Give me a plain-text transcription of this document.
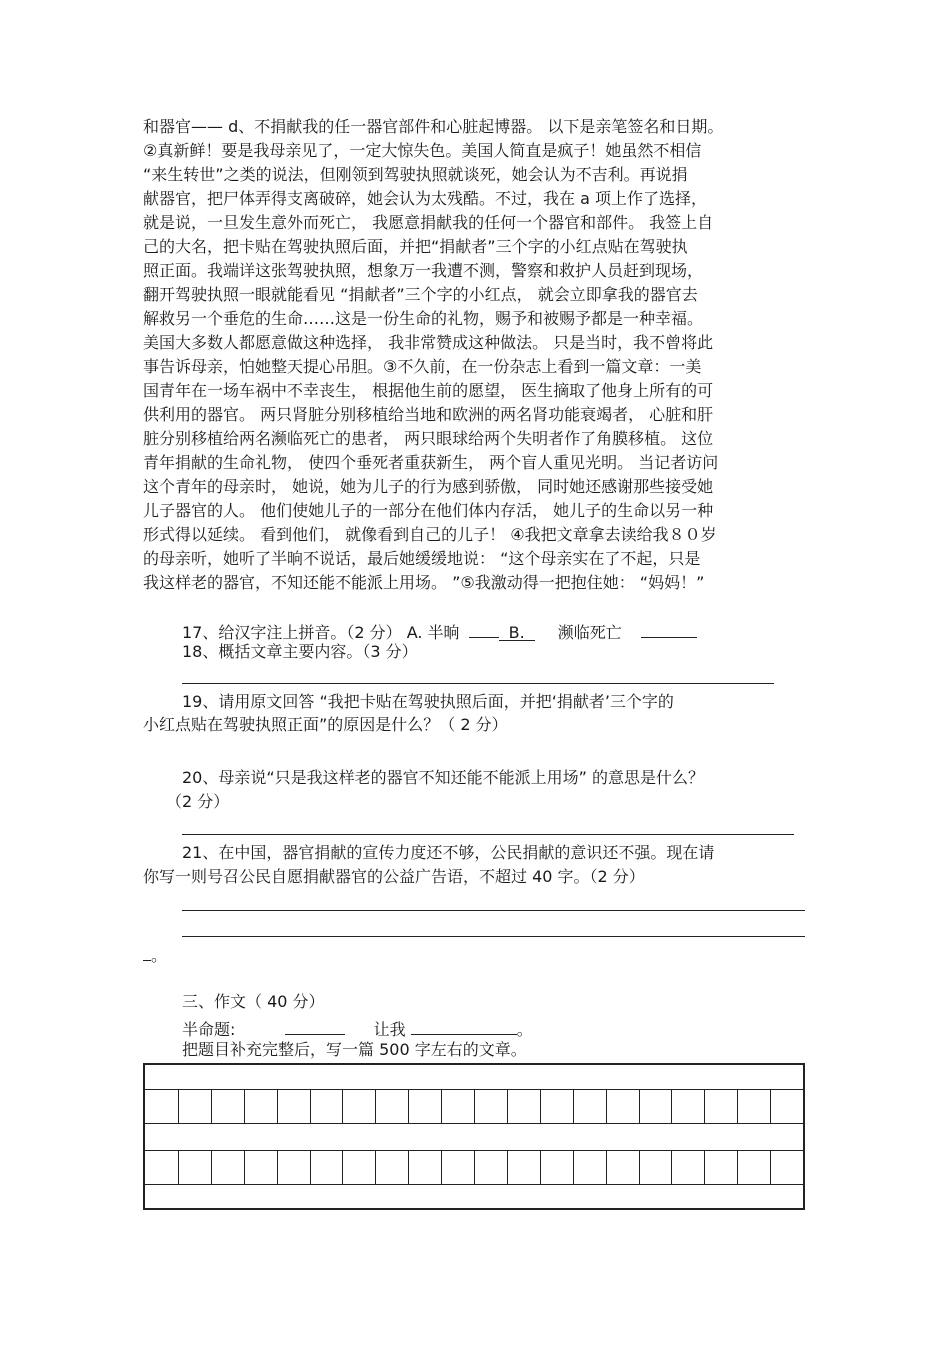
和器官—— d、不捐献我的任一器官部件和心脏起博器。 以下是亲笔签名和日期。
②真新鲜！要是我母亲见了，一定大惊失色。美国人简直是疯子！她虽然不相信
“来生转世”之类的说法，但刚领到驾驶执照就谈死，她会认为不吉利。再说捐
献器官，把尸体弄得支离破碎，她会认为太残酷。不过，我在 a 项上作了选择，
就是说，一旦发生意外而死亡， 我愿意捐献我的任何一个器官和部件。 我签上自
己的大名，把卡贴在驾驶执照后面，并把“捐献者”三个字的小红点贴在驾驶执
照正面。我端详这张驾驶执照，想象万一我遭不测，警察和救护人员赶到现场，
翻开驾驶执照一眼就能看见 “捐献者”三个字的小红点， 就会立即拿我的器官去
解救另一个垂危的生命……这是一份生命的礼物，赐予和被赐予都是一种幸福。
美国大多数人都愿意做这种选择， 我非常赞成这种做法。 只是当时，我不曾将此
事告诉母亲，怕她整天提心吊胆。③不久前，在一份杂志上看到一篇文章：一美
国青年在一场车祸中不幸丧生， 根据他生前的愿望， 医生摘取了他身上所有的可
供利用的器官。 两只肾脏分别移植给当地和欧洲的两名肾功能衰竭者， 心脏和肝
脏分别移植给两名濒临死亡的患者， 两只眼球给两个失明者作了角膜移植。 这位
青年捐献的生命礼物， 使四个垂死者重获新生， 两个盲人重见光明。 当记者访问
这个青年的母亲时， 她说，她为儿子的行为感到骄傲， 同时她还感谢那些接受她
儿子器官的人。 他们使她儿子的一部分在他们体内存活， 她儿子的生命以另一种
形式得以延续。 看到他们， 就像看到自己的儿子！ ④我把文章拿去读给我８０岁
的母亲听，她听了半晌不说话，最后她缓缓地说： “这个母亲实在了不起，只是
我这样老的器官，不知还能不能派上用场。 ”⑤我激动得一把抱住她： “妈妈！”
17、给汉字注上拼音。（2 分） A. 半晌	B. 濒临死亡
18、概括文章主要内容。（3 分）
19、请用原文回答 “我把卡贴在驾驶执照后面，并把‘捐献者’三个字的
小红点贴在驾驶执照正面”的原因是什么？（ 2 分）
20、母亲说“只是我这样老的器官不知还能不能派上用场” 的意思是什么？
（2 分）
21、在中国，器官捐献的宣传力度还不够，公民捐献的意识还不强。现在请
你写一则号召公民自愿捐献器官的公益广告语，不超过 40 字。（2 分）
。
三、作文（ 40 分）
半命题:	让我	。
把题目补充完整后，写一篇 500 字左右的文章。
